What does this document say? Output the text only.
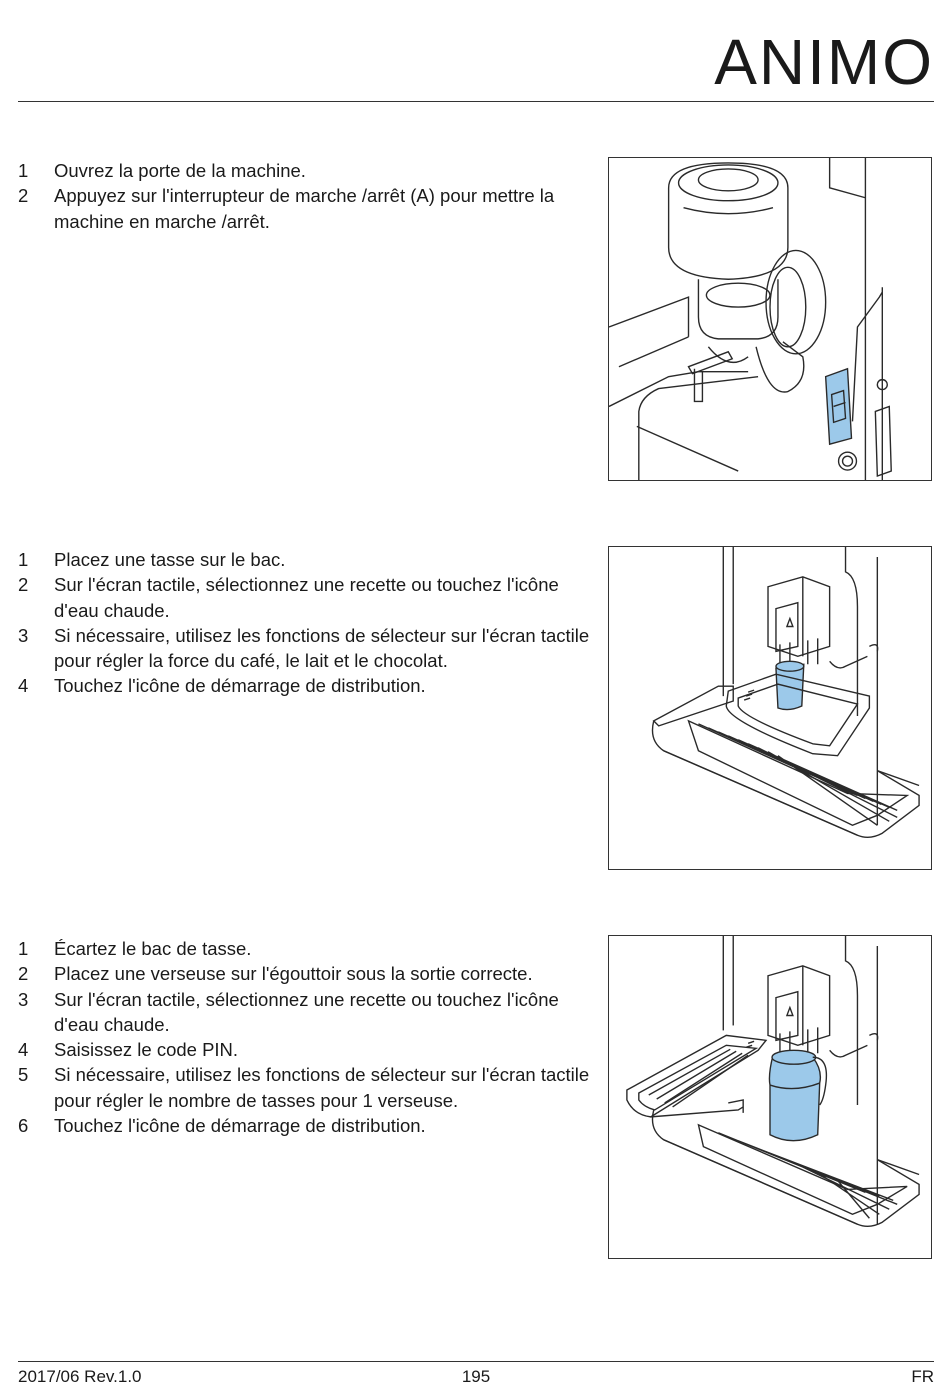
ANIMO
1 Ouvrez la porte de la machine.
2 Appuyez sur l'interrupteur de marche /arrêt (A) pour mettre la machine en marche /arrêt.
1 Placez une tasse sur le bac.
2 Sur l'écran tactile, sélectionnez une recette ou touchez l'icône d'eau chaude.
3 Si nécessaire, utilisez les fonctions de sélecteur sur l'écran tactile pour régler la force du café, le lait et le chocolat.
4 Touchez l'icône de démarrage de distribution.
1 Écartez le bac de tasse.
2 Placez une verseuse sur l'égouttoir sous la sortie correcte.
3 Sur l'écran tactile, sélectionnez une recette ou touchez l'icône d'eau chaude.
4 Saisissez le code PIN.
5 Si nécessaire, utilisez les fonctions de sélecteur sur l'écran tactile pour régler le nombre de tasses pour 1 verseuse.
6 Touchez l'icône de démarrage de distribution.
2017/06 Rev.1.0	195	FR
